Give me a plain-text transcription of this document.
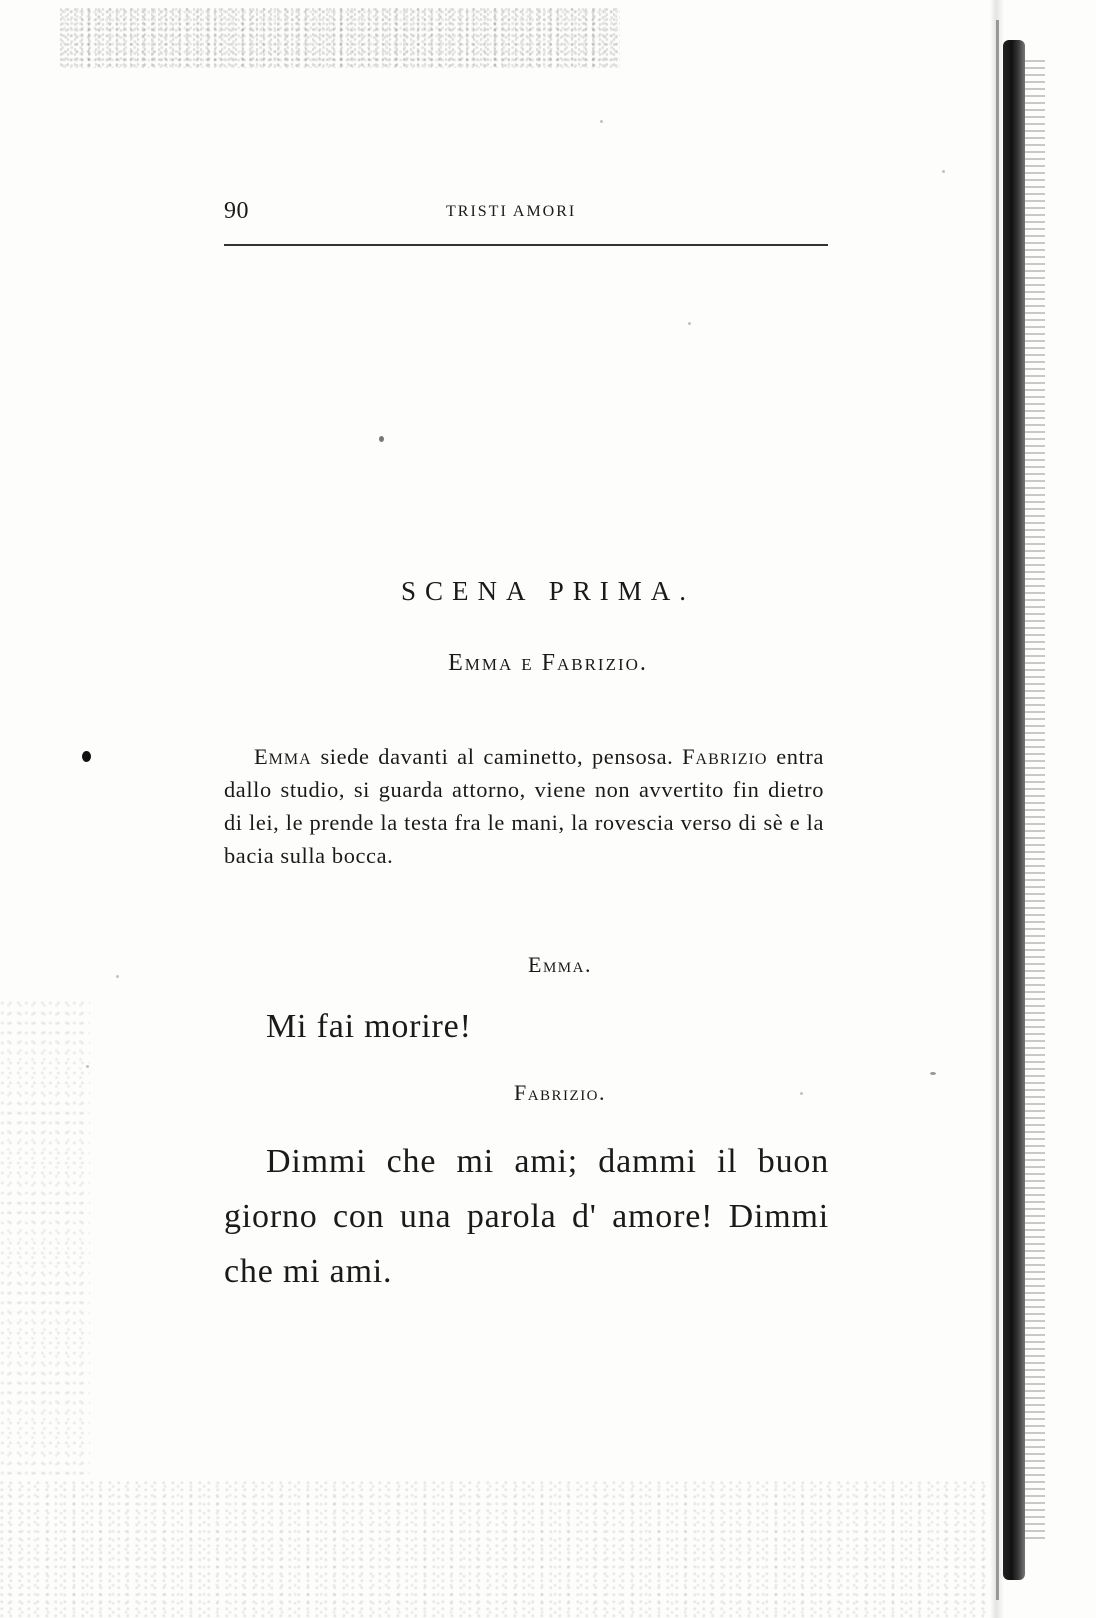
90	TRISTI AMORI
SCENA PRIMA.
Emma e Fabrizio.

Emma siede davanti al caminetto, pensosa. Fabrizio entra dallo studio, si guarda attorno, viene non avvertito fin dietro di lei, le prende la testa fra le mani, la rovescia verso di sè e la bacia sulla bocca.

Emma.
Mi fai morire!
Fabrizio.

Dimmi che mi ami; dammi il buon giorno con una parola d' amore! Dimmi che mi ami.
